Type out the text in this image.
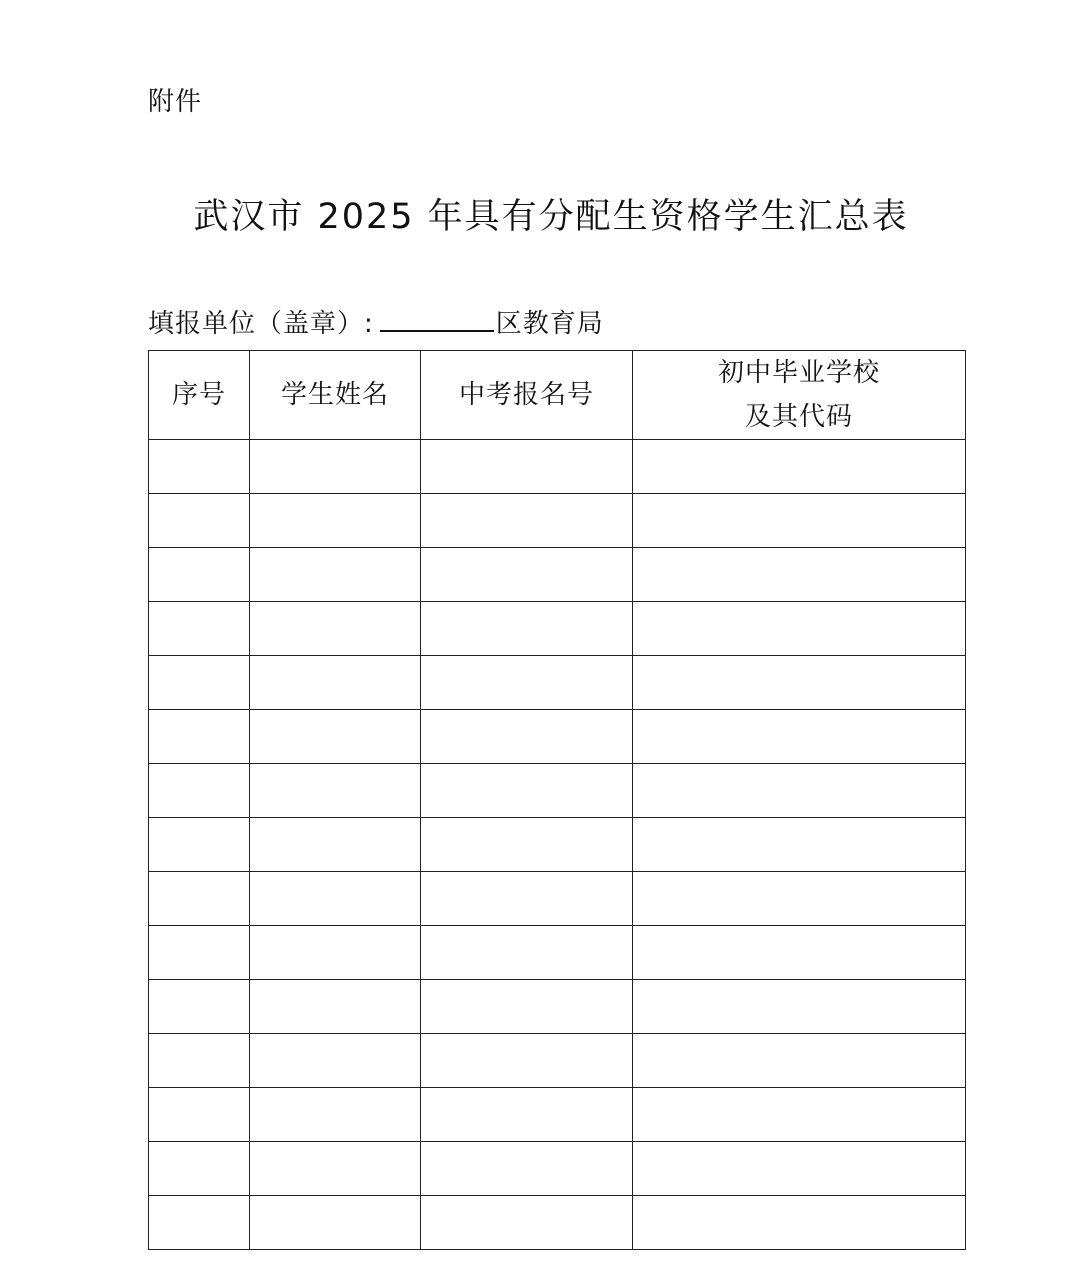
附件
武汉市 2025 年具有分配生资格学生汇总表
填报单位（盖章）:	区教育局
序号	学生姓名	中考报名号	初中毕业学校
及其代码
